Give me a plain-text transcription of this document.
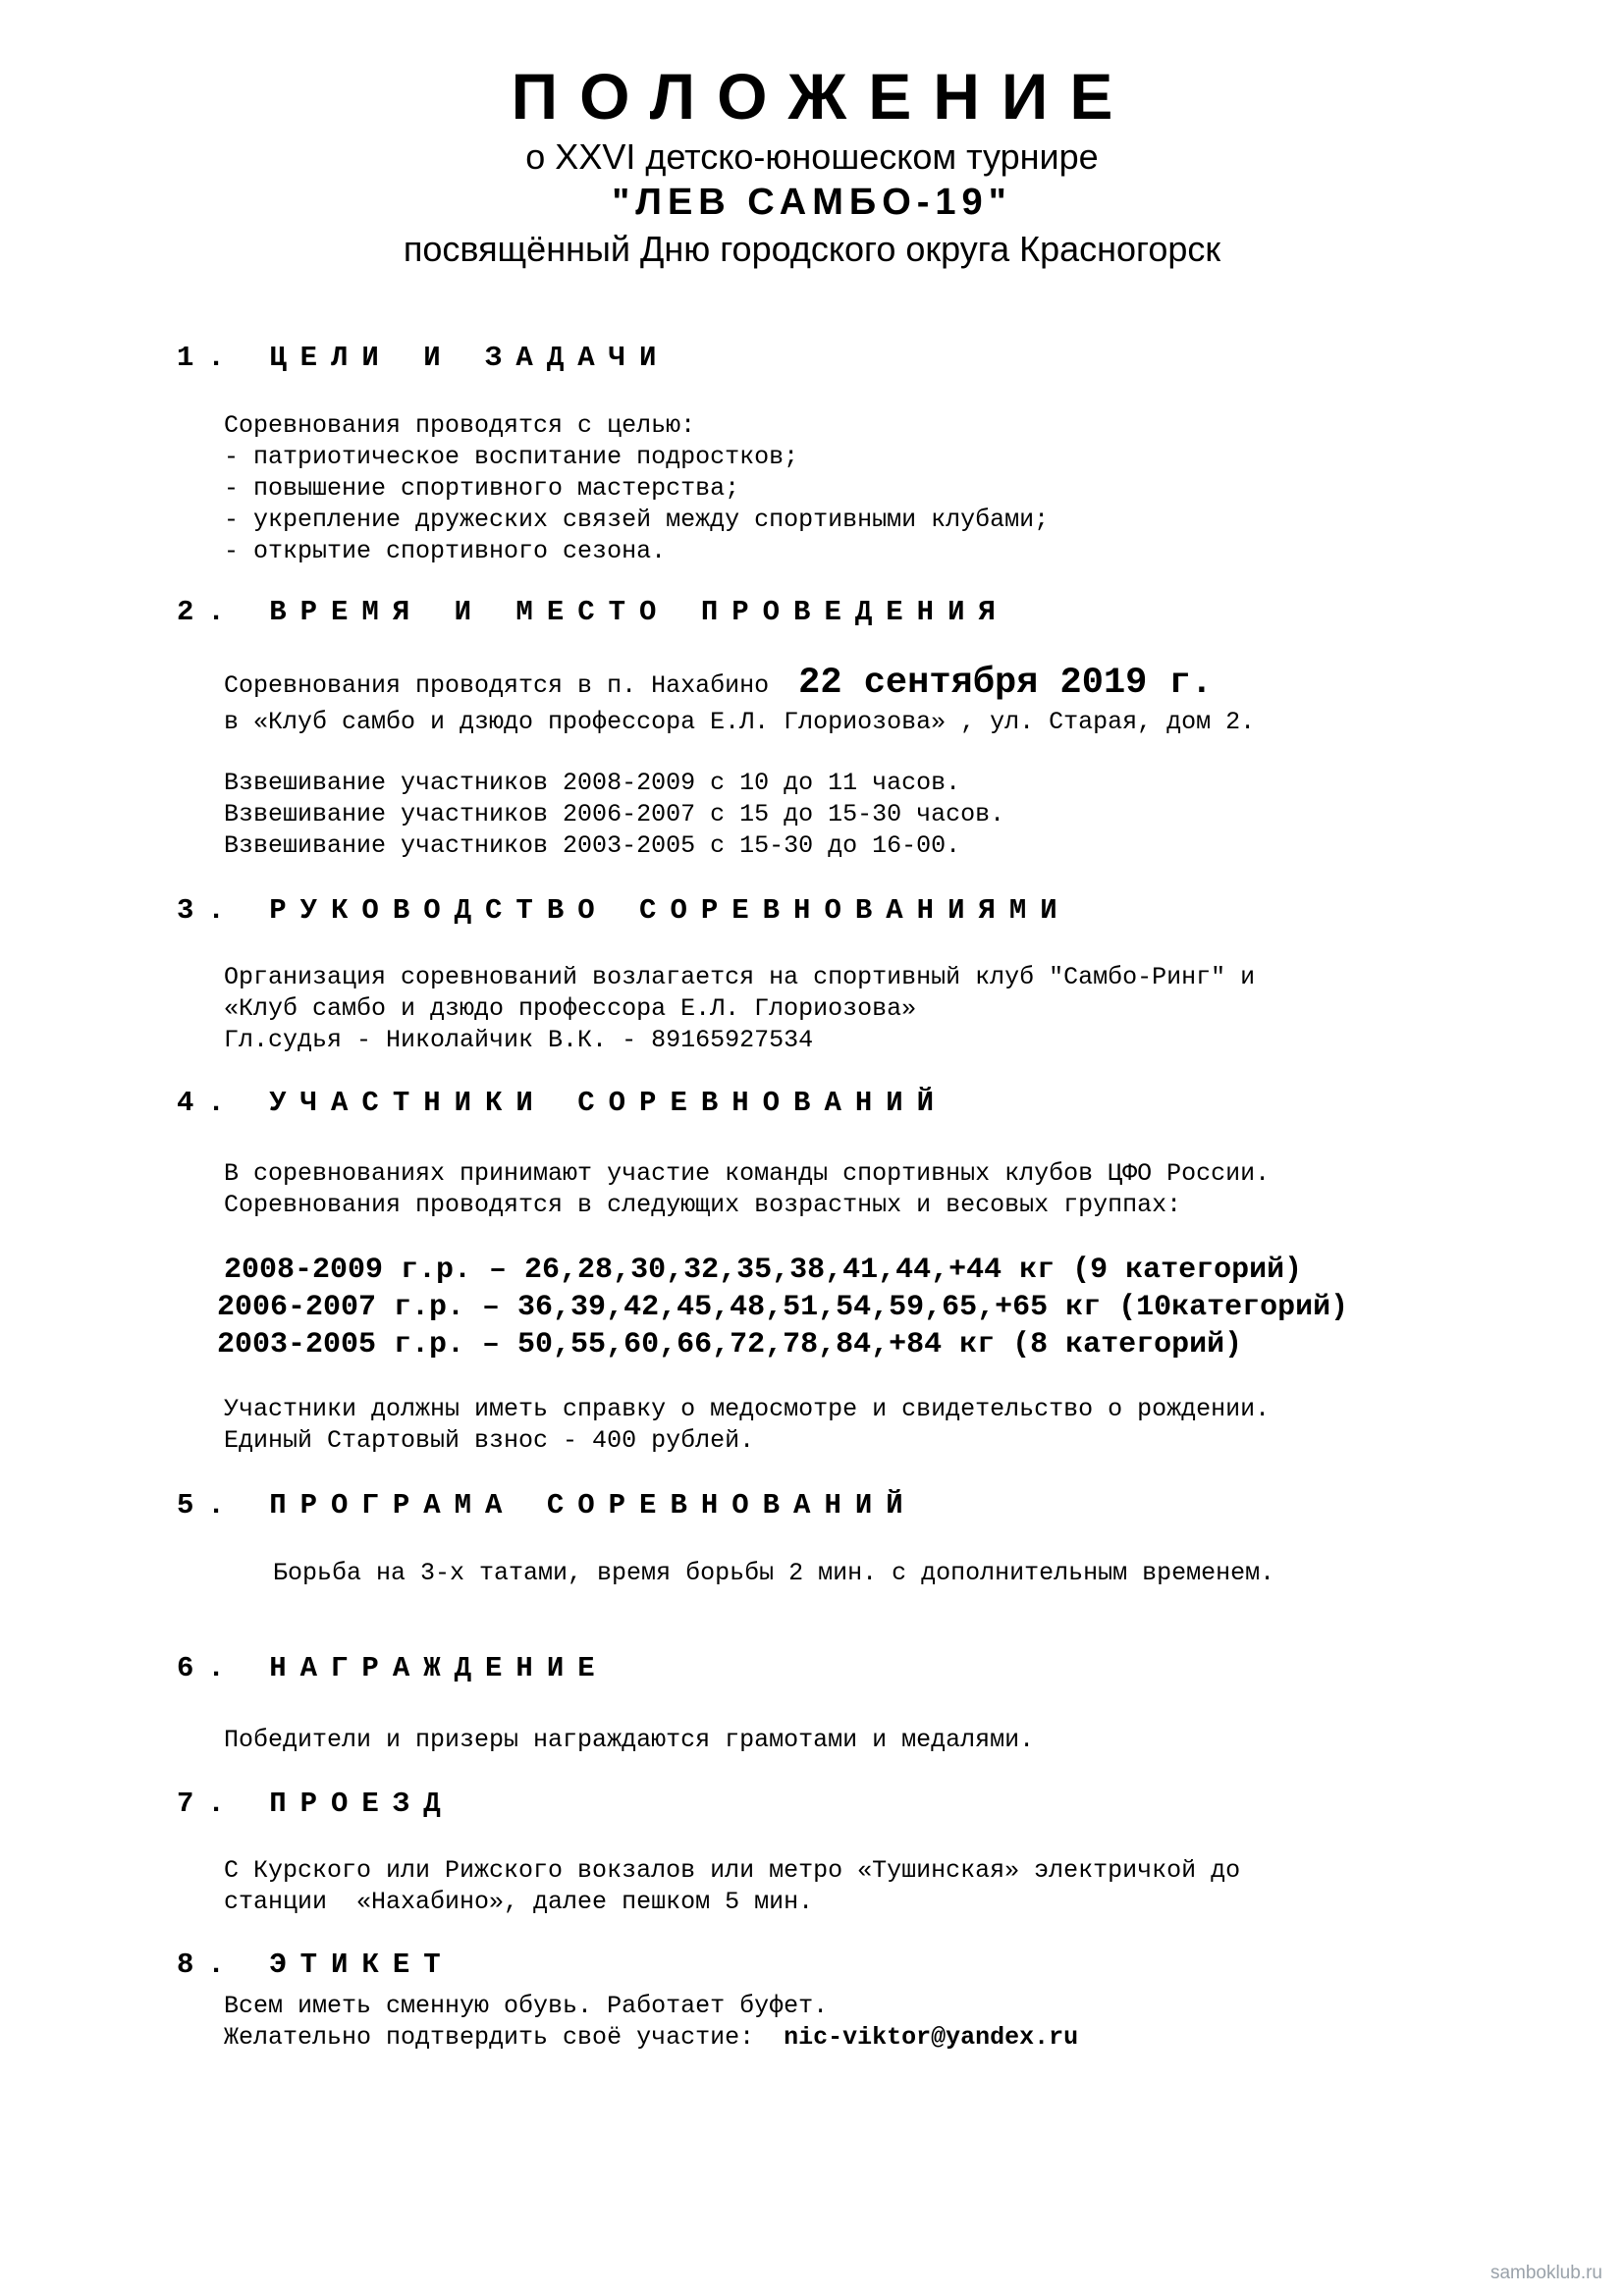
ПОЛОЖЕНИЕ
о XXVI детско-юношеском турнире
"ЛЕВ САМБО-19"
посвящённый Дню городского округа Красногорск
1. ЦЕЛИ И ЗАДАЧИ
Соревнования проводятся с целью:
- патриотическое воспитание подростков;
- повышение спортивного мастерства;
- укрепление дружеских связей между спортивными клубами;
- открытие спортивного сезона.
2. ВРЕМЯ И МЕСТО ПРОВЕДЕНИЯ
Соревнования проводятся в п. Нахабино 22 сентября 2019 г.
в «Клуб самбо и дзюдо профессора Е.Л. Глориозова» , ул. Старая, дом 2.
Взвешивание участников 2008-2009 с 10 до 11 часов.
Взвешивание участников 2006-2007 с 15 до 15-30 часов.
Взвешивание участников 2003-2005 с 15-30 до 16-00.
3. РУКОВОДСТВО СОРЕВНОВАНИЯМИ
Организация соревнований возлагается на спортивный клуб "Самбо-Ринг" и
«Клуб самбо и дзюдо профессора Е.Л. Глориозова»
Гл.судья - Николайчик В.К. - 89165927534
4. УЧАСТНИКИ СОРЕВНОВАНИЙ
В соревнованиях принимают участие команды спортивных клубов ЦФО России.
Соревнования проводятся в следующих возрастных и весовых группах:
2008-2009 г.р. – 26,28,30,32,35,38,41,44,+44 кг (9 категорий)
2006-2007 г.р. – 36,39,42,45,48,51,54,59,65,+65 кг (10категорий)
2003-2005 г.р. – 50,55,60,66,72,78,84,+84 кг (8 категорий)
Участники должны иметь справку о медосмотре и свидетельство о рождении.
Единый Стартовый взнос - 400 рублей.
5. ПРОГРАМА СОРЕВНОВАНИЙ
Борьба на 3-х татами, время борьбы 2 мин. с дополнительным временем.
6. НАГРАЖДЕНИЕ
Победители и призеры награждаются грамотами и медалями.
7. ПРОЕЗД
С Курского или Рижского вокзалов или метро «Тушинская» электричкой до
станции  «Нахабино», далее пешком 5 мин.
8. ЭТИКЕТ
Всем иметь сменную обувь. Работает буфет.
Желательно подтвердить своё участие: nic-viktor@yandex.ru
samboklub.ru
